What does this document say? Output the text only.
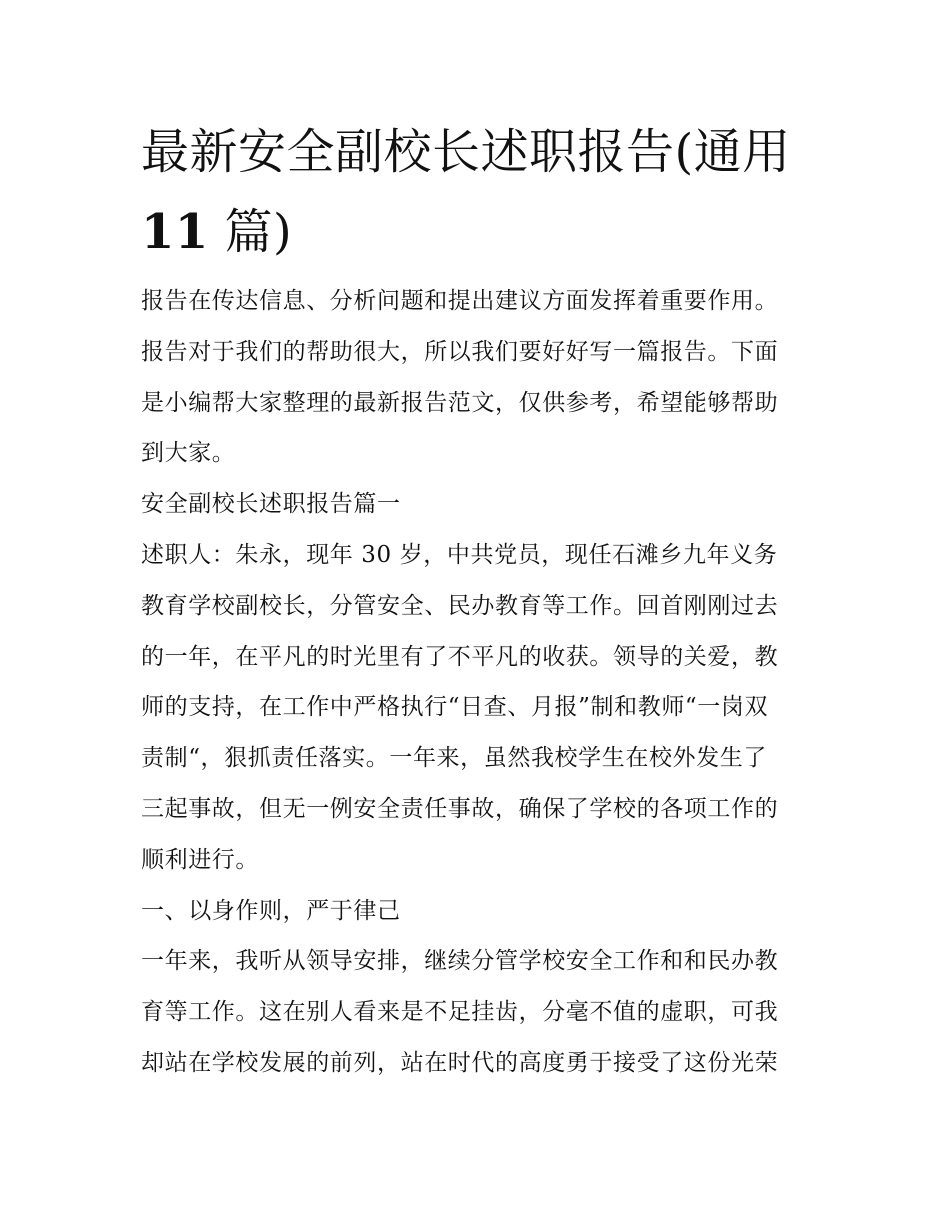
最新安全副校长述职报告(通用
11 篇)
报告在传达信息、分析问题和提出建议方面发挥着重要作用。
报告对于我们的帮助很大，所以我们要好好写一篇报告。下面
是小编帮大家整理的最新报告范文，仅供参考，希望能够帮助
到大家。
安全副校长述职报告篇一
述职人：朱永，现年 30 岁，中共党员，现任石滩乡九年义务
教育学校副校长，分管安全、民办教育等工作。回首刚刚过去
的一年，在平凡的时光里有了不平凡的收获。领导的关爱，教
师的支持，在工作中严格执行“日查、月报”制和教师“一岗双
责制“，狠抓责任落实。一年来，虽然我校学生在校外发生了
三起事故，但无一例安全责任事故，确保了学校的各项工作的
顺利进行。
一、以身作则，严于律己
一年来，我听从领导安排，继续分管学校安全工作和和民办教
育等工作。这在别人看来是不足挂齿，分毫不值的虚职，可我
却站在学校发展的前列，站在时代的高度勇于接受了这份光荣
